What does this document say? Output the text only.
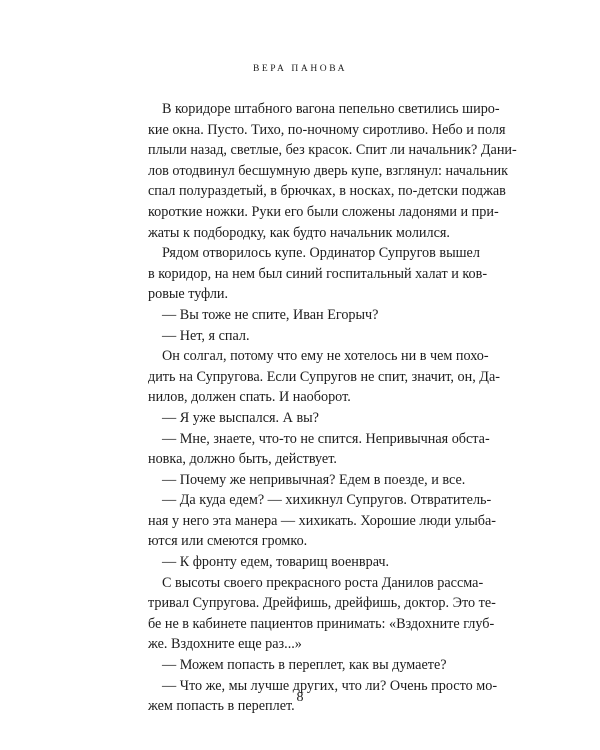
ВЕРА ПАНОВА
В коридоре штабного вагона пепельно светились широ-
кие окна. Пусто. Тихо, по-ночному сиротливо. Небо и поля
плыли назад, светлые, без красок. Спит ли начальник? Дани-
лов отодвинул бесшумную дверь купе, взглянул: начальник
спал полураздетый, в брючках, в носках, по-детски поджав
короткие ножки. Руки его были сложены ладонями и при-
жаты к подбородку, как будто начальник молился.
Рядом отворилось купе. Ординатор Супругов вышел
в коридор, на нем был синий госпитальный халат и ков-
ровые туфли.
— Вы тоже не спите, Иван Егорыч?
— Нет, я спал.
Он солгал, потому что ему не хотелось ни в чем похо-
дить на Супругова. Если Супругов не спит, значит, он, Да-
нилов, должен спать. И наоборот.
— Я уже выспался. А вы?
— Мне, знаете, что-то не спится. Непривычная обста-
новка, должно быть, действует.
— Почему же непривычная? Едем в поезде, и все.
— Да куда едем? — хихикнул Супругов. Отвратитель-
ная у него эта манера — хихикать. Хорошие люди улыба-
ются или смеются громко.
— К фронту едем, товарищ военврач.
С высоты своего прекрасного роста Данилов рассма-
тривал Супругова. Дрейфишь, дрейфишь, доктор. Это те-
бе не в кабинете пациентов принимать: «Вздохните глуб-
же. Вздохните еще раз...»
— Можем попасть в переплет, как вы думаете?
— Что же, мы лучше других, что ли? Очень просто мо-
жем попасть в переплет.
8
